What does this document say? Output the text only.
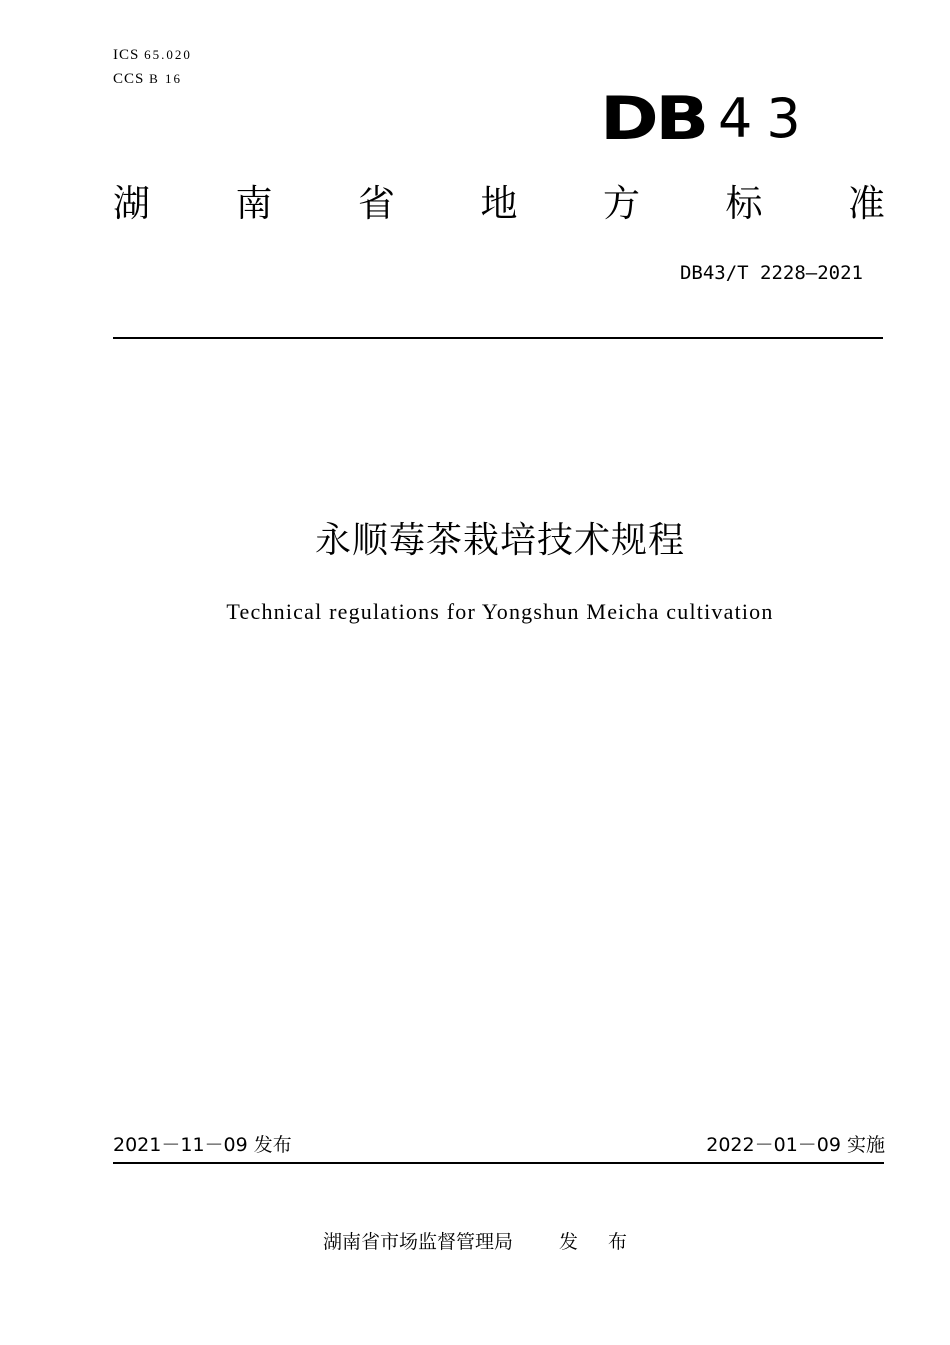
ICS 65.020
CCS B 16
DB 43
湖 南 省 地 方 标 准
DB43/T 2228—2021
永顺莓茶栽培技术规程
Technical regulations for Yongshun Meicha cultivation
2021－11－09 发布	2022－01－09 实施
湖南省市场监督管理局 发 布
